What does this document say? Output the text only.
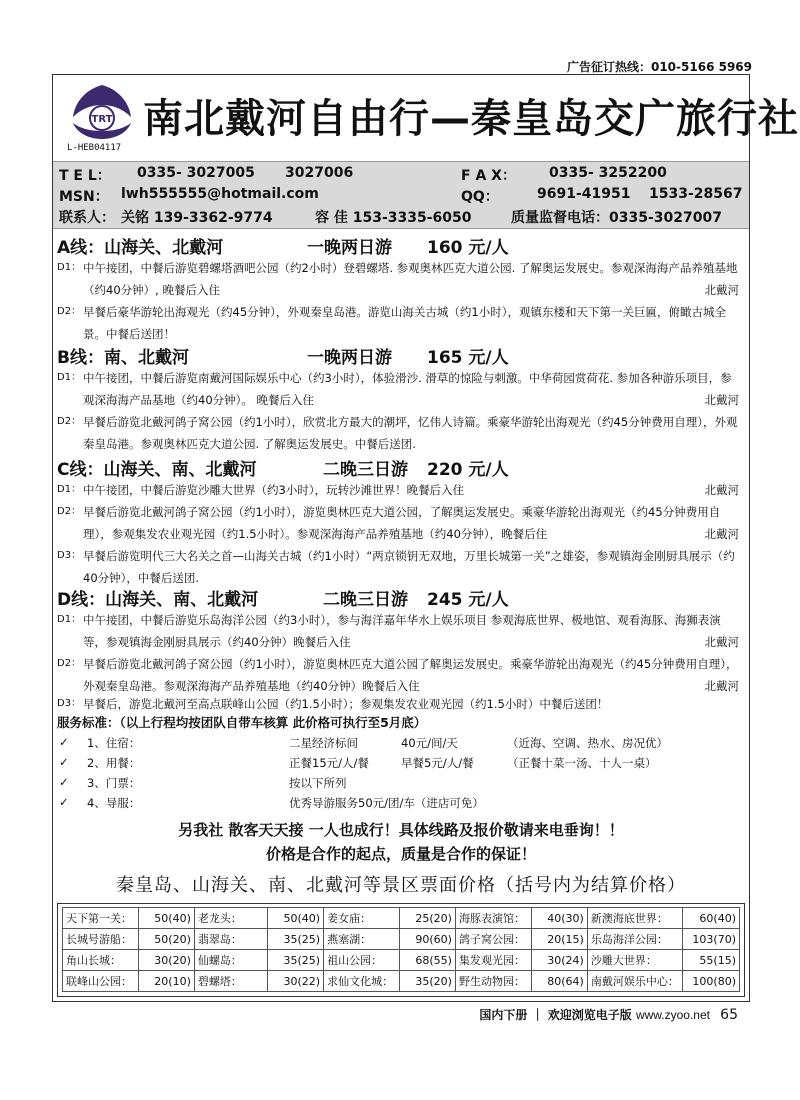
广告征订热线：010-5166 5969
TRT
L-HEB04117
南北戴河自由行—秦皇岛交广旅行社
T E L： 0335- 3027005 3027006	F A X： 0335- 3252200
MSN： lwh555555@hotmail.com	QQ：	9691-41951 1533-28567
联系人： 关铭 139-3362-9774	容 佳 153-3335-6050	质量监督电话：0335-3027007
A线：山海关、北戴河	一晚两日游 160 元/人
D1： 中午接团，中餐后游览碧螺塔酒吧公园（约2小时）登碧螺塔. 参观奥林匹克大道公园. 了解奥运发展史。参观深海海产品养殖基地（约40分钟）, 晚餐后入住	北戴河
D2： 早餐后豪华游轮出海观光（约45分钟），外观秦皇岛港。游览山海关古城（约1小时），观镇东楼和天下第一关巨匾，俯瞰古城全景。中餐后送团！
B线：南、北戴河	一晚两日游 165 元/人
D1： 中午接团，中餐后游览南戴河国际娱乐中心（约3小时），体验滑沙. 滑草的惊险与刺激。中华荷园赏荷花. 参加各种游乐项目，参观深海海产品基地（约40分钟）。 晚餐后入住	北戴河
D2： 早餐后游览北戴河鸽子窝公园（约1小时），欣赏北方最大的潮坪，忆伟人诗篇。乘豪华游轮出海观光（约45分钟费用自理），外观秦皇岛港。参观奥林匹克大道公园. 了解奥运发展史。中餐后送团.
C线：山海关、南、北戴河	二晚三日游 220 元/人
D1： 中午接团，中餐后游览沙雕大世界（约3小时），玩转沙滩世界！晚餐后入住	北戴河
D2： 早餐后游览北戴河鸽子窝公园（约1小时），游览奥林匹克大道公园，了解奥运发展史。乘豪华游轮出海观光（约45分钟费用自理），参观集发农业观光园（约1.5小时）。参观深海海产品养殖基地（约40分钟），晚餐后住	北戴河
D3： 早餐后游览明代三大名关之首—山海关古城（约1小时）“两京锁钥无双地，万里长城第一关”之雄姿，参观镇海金刚厨具展示（约40分钟），中餐后送团.
D线：山海关、南、北戴河	二晚三日游 245 元/人
D1： 中午接团，中餐后游览乐岛海洋公园（约3小时），参与海洋嘉年华水上娱乐项目 参观海底世界、极地馆、观看海豚、海狮表演等，参观镇海金刚厨具展示（约40分钟）晚餐后入住	北戴河
D2： 早餐后游览北戴河鸽子窝公园（约1小时），游览奥林匹克大道公园了解奥运发展史。乘豪华游轮出海观光（约45分钟费用自理），外观秦皇岛港。参观深海海产品养殖基地（约40分钟）晚餐后入住	北戴河
D3： 早餐后，游览北戴河至高点联峰山公园（约1.5小时）；参观集发农业观光园（约1.5小时）中餐后送团！
服务标准：（以上行程均按团队自带车核算 此价格可执行至5月底）
✓ 1、住宿：	二星经济标间	40元/间/天	（近海、空调、热水、房况优）
✓ 2、用餐：	正餐15元/人/餐	早餐5元/人/餐	（正餐十菜一汤、十人一桌）
✓ 3、门票：	按以下所列
✓ 4、导服：	优秀导游服务50元/团/车（进店可免）
另我社 散客天天接 一人也成行！具体线路及报价敬请来电垂询！！
价格是合作的起点，质量是合作的保证！
秦皇岛、山海关、南、北戴河等景区票面价格（括号内为结算价格）
天下第一关：	50(40)	老龙头：	50(40)	姜女庙：	25(20)	海豚表演馆：	40(30)	新澳海底世界：	60(40)
长城号游船：	50(20)	翡翠岛：	35(25)	燕塞湖：	90(60)	鸽子窝公园：	20(15)	乐岛海洋公园：	103(70)
角山长城：	30(20)	仙螺岛：	35(25)	祖山公园：	68(55)	集发观光园：	30(24)	沙雕大世界：	55(15)
联峰山公园：	20(10)	碧螺塔：	30(22)	求仙文化城：	35(20)	野生动物园：	80(64)	南戴河娱乐中心：	100(80)
国内下册 ｜ 欢迎浏览电子版 www.zyoo.net 65
